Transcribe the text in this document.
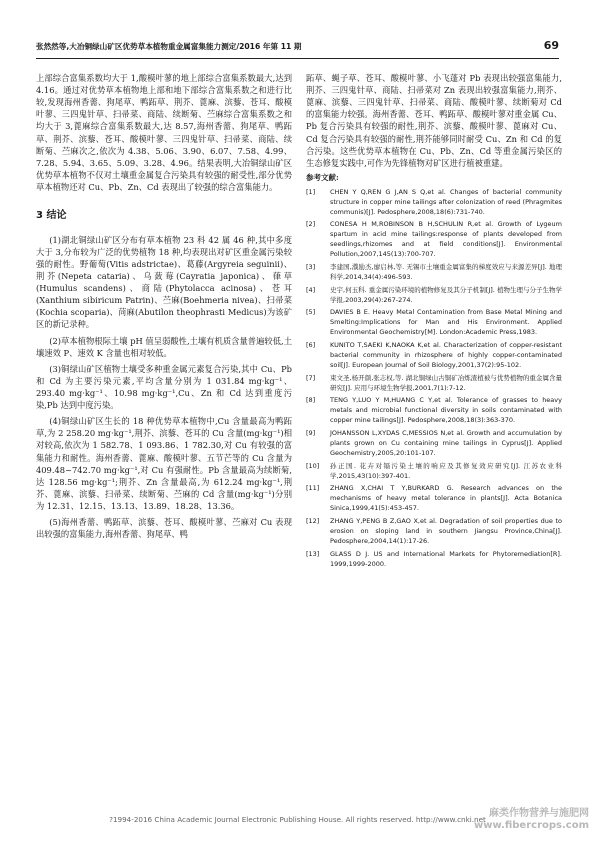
张然然等,大冶铜绿山矿区优势草本植物重金属富集能力测定/2016 年第 11 期	69

上部综合富集系数均大于 1,酸模叶蓼的地上部综合富集系数最大,达到 4.16。通过对优势草本植物地上部和地下部综合富集系数之和进行比较,发现海州香薷、狗尾草、鸭跖草、荆芥、蓖麻、滨藜、苍耳、酸模叶蓼、三四鬼针草、扫帚菜、商陆、续断菊、苎麻综合富集系数之和均大于 3,蓖麻综合富集系数最大,达 8.57,海州香薷、狗尾草、鸭跖草、荆芥、滨藜、苍耳、酸模叶蓼、三四鬼针草、扫帚菜、商陆、续断菊、苎麻次之,依次为 4.38、5.06、3.90、6.07、7.58、4.99、7.28、5.94、3.65、5.09、3.28、4.96。结果表明,大冶铜绿山矿区优势草本植物不仅对土壤重金属复合污染具有较强的耐受性,部分优势草本植物还对 Cu、Pb、Zn、Cd 表现出了较强的综合富集能力。

3 结论

(1)湖北铜绿山矿区分布有草本植物 23 科 42 属 46 种,其中多度大于 3,分布较为广泛的优势植物 18 种,均表现出对矿区重金属污染较强的耐性。野葡萄(Vitis adstrictae)、葛藤(Argyreia seguinii)、荆芥(Nepeta cataria)、乌蔹莓(Cayratia japonica)、葎草(Humulus scandens)、商陆(Phytolacca acinosa)、苍耳(Xanthium sibiricum Patrin)、苎麻(Boehmeria nivea)、扫帚菜(Kochia scoparia)、苘麻(Abutilon theophrasti Medicus)为该矿区的新记录种。

(2)草本植物根际土壤 pH 值呈弱酸性,土壤有机质含量普遍较低,土壤速效 P、速效 K 含量也相对较低。

(3)铜绿山矿区植物土壤受多种重金属元素复合污染,其中 Cu、Pb 和 Cd 为主要污染元素,平均含量分别为 1 031.84 mg·kg⁻¹、293.40 mg·kg⁻¹、10.98 mg·kg⁻¹,Cu、Zn 和 Cd 达到重度污染,Pb 达到中度污染。

(4)铜绿山矿区生长的 18 种优势草本植物中,Cu 含量最高为鸭跖草,为 2 258.20 mg·kg⁻¹,荆芥、滨藜、苍耳的 Cu 含量(mg·kg⁻¹)相对较高,依次为 1 582.78、1 093.86、1 782.30,对 Cu 有较强的富集能力和耐性。海州香薷、蓖麻、酸模叶蓼、五节芒等的 Cu 含量为 409.48~742.70 mg·kg⁻¹,对 Cu 有强耐性。Pb 含量最高为续断菊,达 128.56 mg·kg⁻¹;荆芥、Zn 含量最高,为 612.24 mg·kg⁻¹,荆芥、蓖麻、滨藜、扫帚菜、续断菊、苎麻的 Cd 含量(mg·kg⁻¹)分别为 12.31、12.15、13.13、13.89、18.28、13.36。

(5)海州香薷、鸭跖草、滨藜、苍耳、酸模叶蓼、苎麻对 Cu 表现出较强的富集能力,海州香薷、狗尾草、鸭

跖草、蝇子草、苍耳、酸模叶蓼、小飞蓬对 Pb 表现出较强富集能力,荆芥、三四鬼针草、商陆、扫帚菜对 Zn 表现出较强富集能力,荆芥、蓖麻、滨藜、三四鬼针草、扫帚菜、商陆、酸模叶蓼、续断菊对 Cd 的富集能力较强。海州香薷、苍耳、鸭跖草、酸模叶蓼对重金属 Cu、Pb 复合污染具有较强的耐性,荆芥、滨藜、酸模叶蓼、蓖麻对 Cu、Cd 复合污染具有较强的耐性,荆芥能够同时耐受 Cu、Zn 和 Cd 的复合污染。这些优势草本植物在 Cu、Pb、Zn、Cd 等重金属污染区的生态修复实践中,可作为先锋植物对矿区进行植被重建。

参考文献:
[1] CHEN Y Q,REN G J,AN S Q,et al. Changes of bacterial community structure in copper mine tailings after colonization of reed (Phragmites communis)[J]. Pedosphere,2008,18(6):731-740.
[2] CONESA H M,ROBINSON B H,SCHULIN R,et al. Growth of Lygeum spartum in acid mine tailings:response of plants developed from seedlings,rhizomes and at field conditions[J]. Environmental Pollution,2007,145(13):700-707.
[3] 李建国,濮励杰,廖启林,等. 无锡市土壤重金属富集的梯度效应与来源差异[J]. 地理科学,2014,34(4):496-593.
[4] 史宇,何玉科. 重金属污染环境的植物修复及其分子机制[J]. 植物生理与分子生物学学报,2003,29(4):267-274.
[5] DAVIES B E. Heavy Metal Contamination from Base Metal Mining and Smelting:Implications for Man and His Environment. Applied Environmental Geochemistry[M]. London:Academic Press,1983.
[6] KUNITO T,SAEKI K,NAOKA K,et al. Characterization of copper-resistant bacterial community in rhizosphere of highly copper-contaminated soil[J]. European Journal of Soil Biology,2001,37(2):95-102.
[7] 束文圣,杨开颜,张志权,等. 湖北铜绿山古铜矿冶炼渣植被与优势植物的重金属含量研究[J]. 应用与环境生物学报,2001,7(1):7-12.
[8] TENG Y,LUO Y M,HUANG C Y,et al. Tolerance of grasses to heavy metals and microbial functional diversity in soils contaminated with copper mine tailings[J]. Pedosphere,2008,18(3):363-370.
[9] JOHANSSON L,XYDAS C,MESSIOS N,et al. Growth and accumulation by plants grown on Cu containing mine tailings in Cyprus[J]. Applied Geochemistry,2005,20:101-107.
[10] 孙正国. 花卉对镉污染土壤的响应及其修复效应研究[J]. 江苏农业科学,2015,43(10):397-401.
[11] ZHANG X,CHAI T Y,BURKARD G. Research advances on the mechanisms of heavy metal tolerance in plants[J]. Acta Botanica Sinica,1999,41(5):453-457.
[12] ZHANG Y,PENG B Z,GAO X,et al. Degradation of soil properties due to erosion on sloping land in southern Jiangsu Province,China[J]. Pedosphere,2004,14(1):17-26.
[13] GLASS D J. US and International Markets for Phytoremediation[R]. 1999,1999-2000.
?1994-2016 China Academic Journal Electronic Publishing House. All rights reserved. http://www.cnki.net
麻类作物营养与施肥网
www.fibercrops.com
